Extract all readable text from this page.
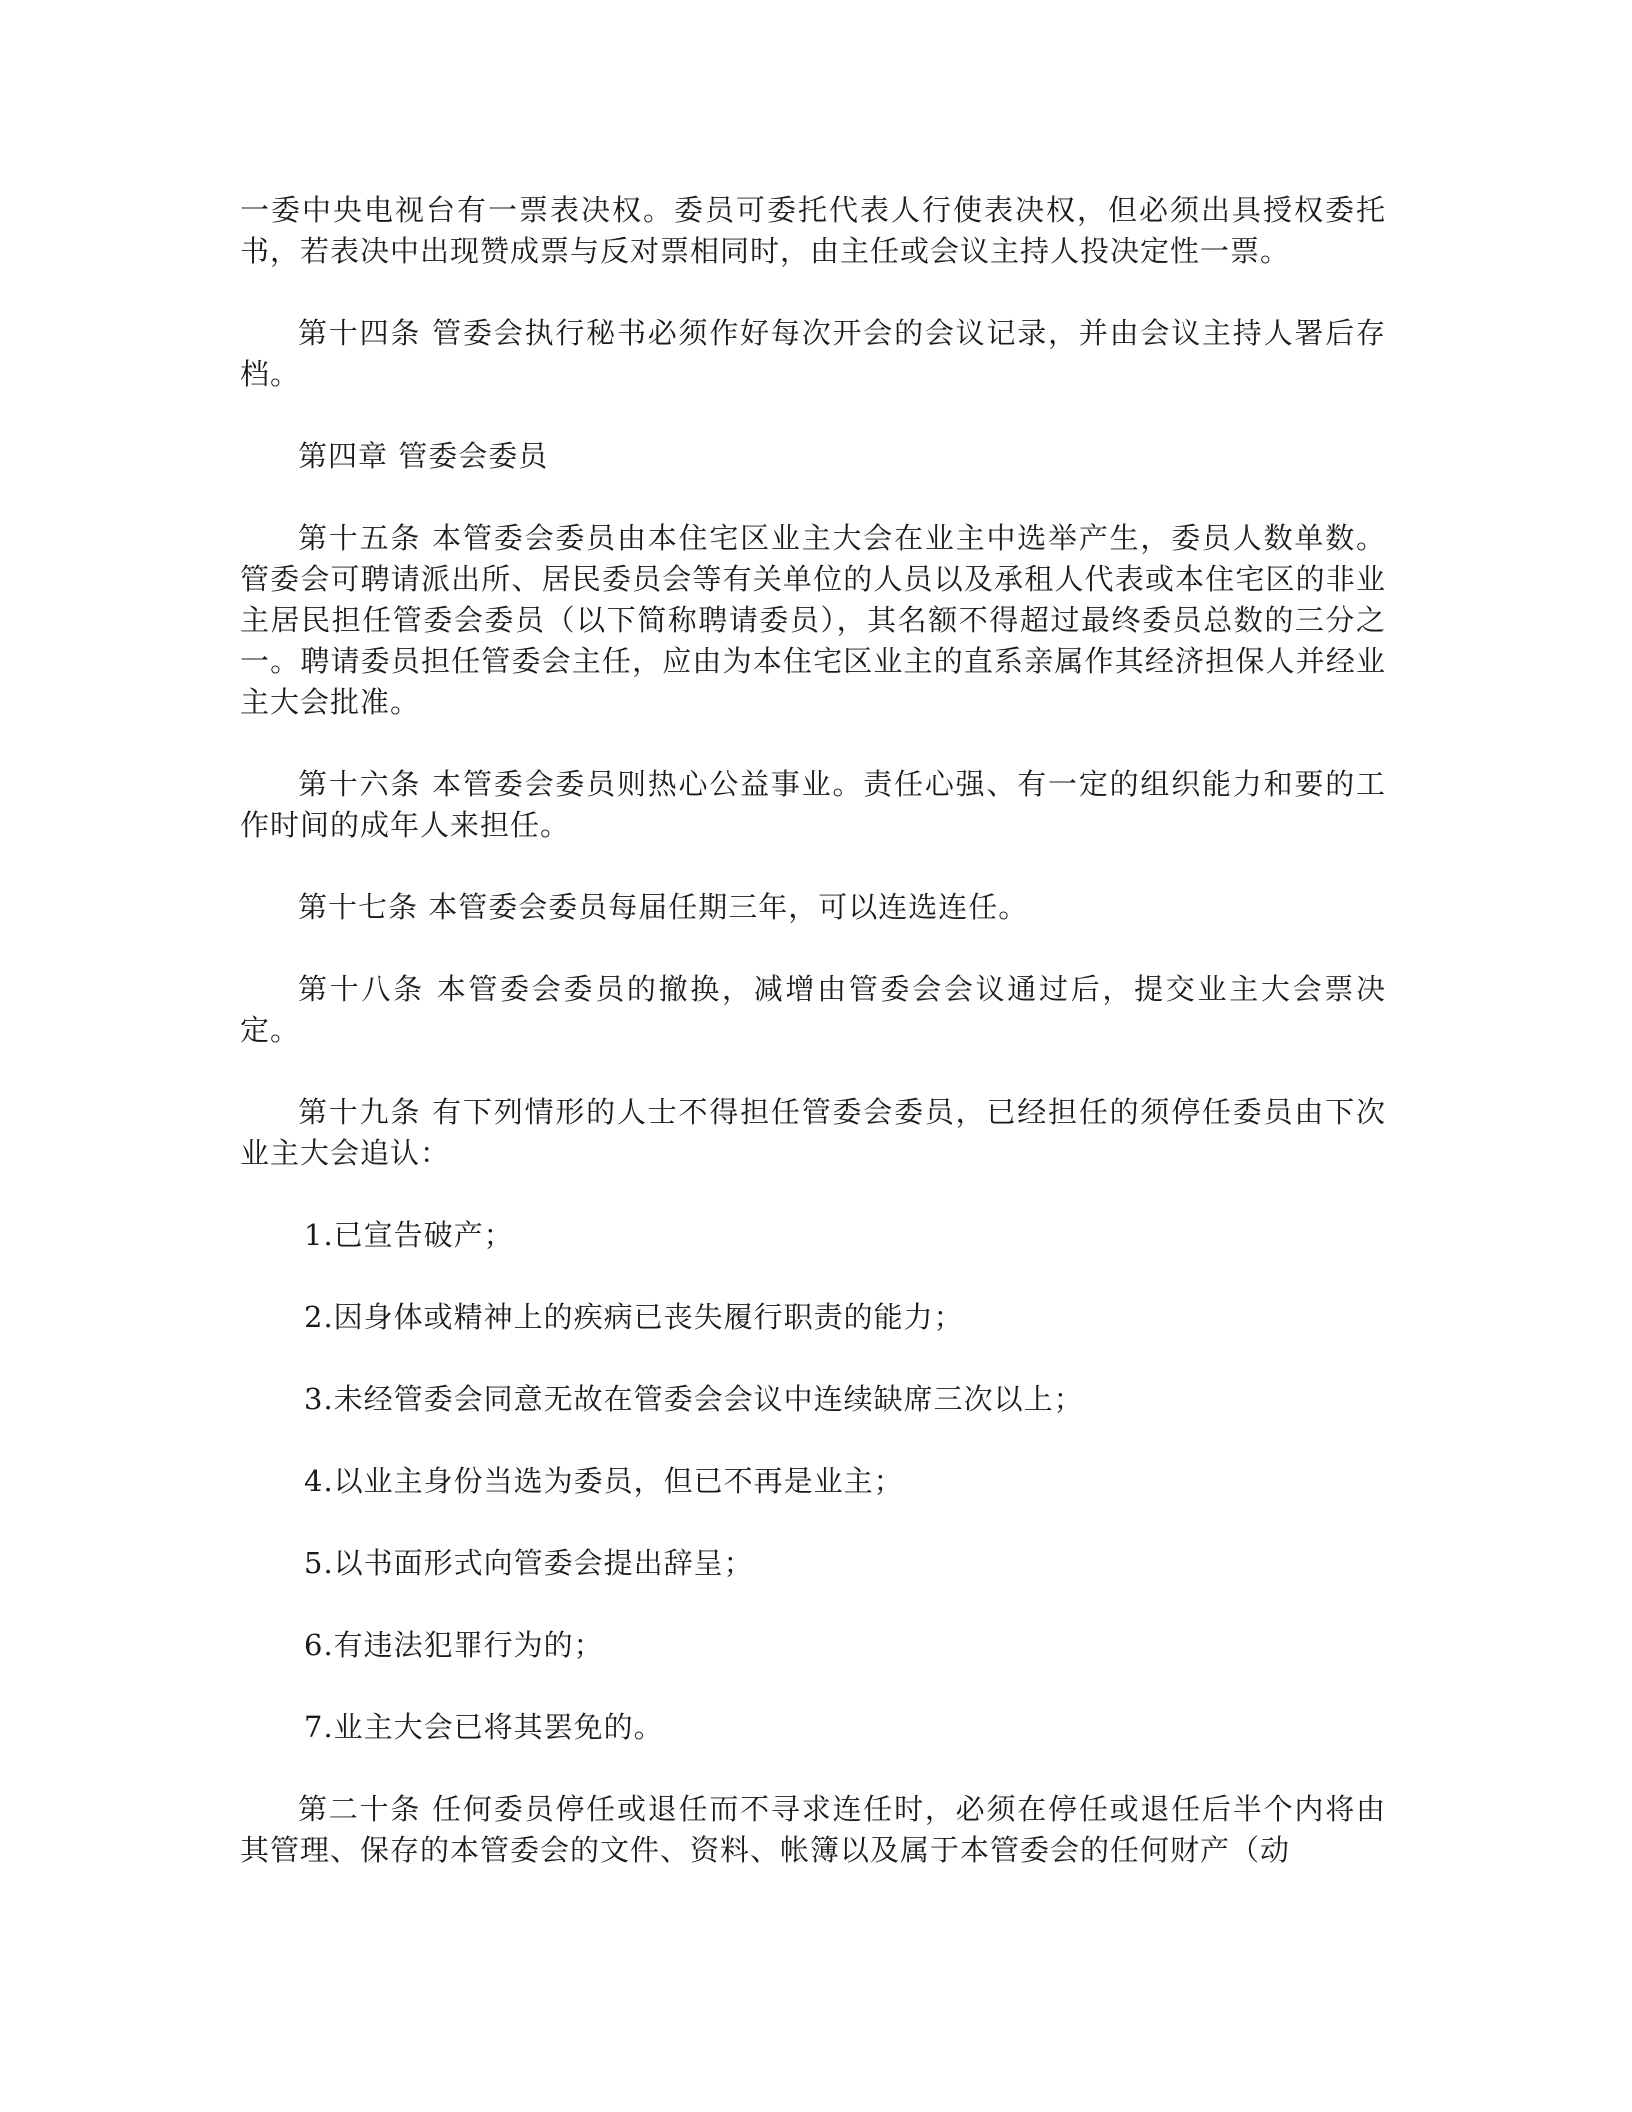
一委中央电视台有一票表决权。委员可委托代表人行使表决权，但必须出具授权委托书，若表决中出现赞成票与反对票相同时，由主任或会议主持人投决定性一票。

第十四条 管委会执行秘书必须作好每次开会的会议记录，并由会议主持人署后存档。

第四章 管委会委员

第十五条 本管委会委员由本住宅区业主大会在业主中选举产生，委员人数单数。管委会可聘请派出所、居民委员会等有关单位的人员以及承租人代表或本住宅区的非业主居民担任管委会委员（以下简称聘请委员），其名额不得超过最终委员总数的三分之一。聘请委员担任管委会主任，应由为本住宅区业主的直系亲属作其经济担保人并经业主大会批准。

第十六条 本管委会委员则热心公益事业。责任心强、有一定的组织能力和要的工作时间的成年人来担任。

第十七条 本管委会委员每届任期三年，可以连选连任。

第十八条 本管委会委员的撤换，减增由管委会会议通过后，提交业主大会票决定。

第十九条 有下列情形的人士不得担任管委会委员，已经担任的须停任委员由下次业主大会追认：

1.已宣告破产；

2.因身体或精神上的疾病已丧失履行职责的能力；

3.未经管委会同意无故在管委会会议中连续缺席三次以上；

4.以业主身份当选为委员，但已不再是业主；

5.以书面形式向管委会提出辞呈；

6.有违法犯罪行为的；

7.业主大会已将其罢免的。

第二十条 任何委员停任或退任而不寻求连任时，必须在停任或退任后半个内将由其管理、保存的本管委会的文件、资料、帐簿以及属于本管委会的任何财产（动
